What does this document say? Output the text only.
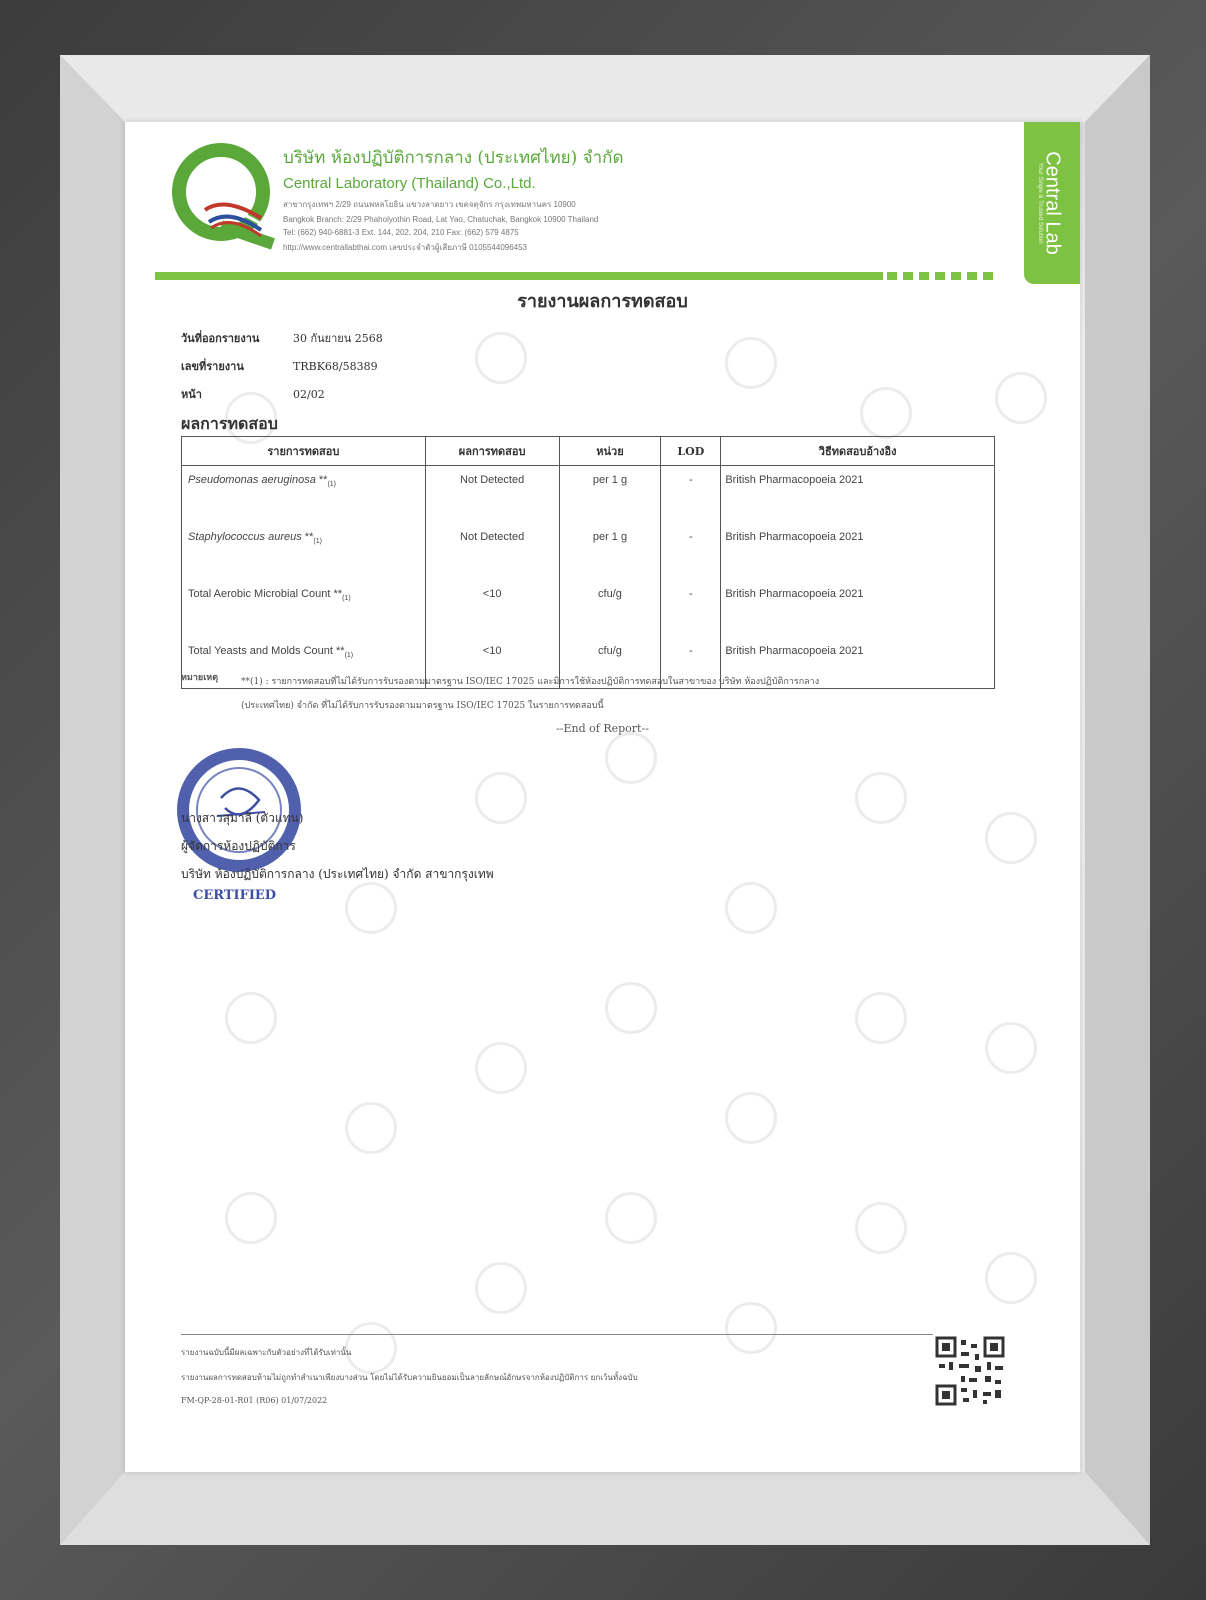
บริษัท ห้องปฏิบัติการกลาง (ประเทศไทย) จำกัด

Central Laboratory (Thailand) Co.,Ltd.

สาขากรุงเทพฯ 2/29 ถนนพหลโยธิน แขวงลาดยาว เขตจตุจักร กรุงเทพมหานคร 10900

Bangkok Branch: 2/29 Phaholyothin Road, Lat Yao, Chatuchak, Bangkok 10900 Thailand

Tel: (662) 940-6881-3 Ext. 144, 202, 204, 210 Fax: (662) 579 4875

http://www.centrallabthai.com เลขประจำตัวผู้เสียภาษี 0105544096453	Central Lab
Your Single & Trusted Solution
รายงานผลการทดสอบ
วันที่ออกรายงาน	30 กันยายน 2568
เลขที่รายงาน	TRBK68/58389
หน้า	02/02
ผลการทดสอบ
รายการทดสอบ	ผลการทดสอบ	หน่วย	LOD	วิธีทดสอบอ้างอิง
Pseudomonas aeruginosa $**_{(1)}$	Not Detected	per 1 g	-	British Pharmacopoeia 2021
Staphylococcus aureus $**_{(1)}$	Not Detected	per 1 g	-	British Pharmacopoeia 2021
Total Aerobic Microbial Count $**_{(1)}$	<10	cfu/g	-	British Pharmacopoeia 2021
Total Yeasts and Molds Count $**_{(1)}$	<10	cfu/g	-	British Pharmacopoeia 2021
หมายเหตุ	**(1) : รายการทดสอบที่ไม่ได้รับการรับรองตามมาตรฐาน ISO/IEC 17025 และมิการใช้ห้องปฏิบัติการทดสอบในสาขาของ บริษัท ห้องปฏิบัติการกลาง
(ประเทศไทย) จำกัด ที่ไม่ได้รับการรับรองตามมาตรฐาน ISO/IEC 17025 ในรายการทดสอบนี้
--End of Report--
นางสาวสุมาลี (ตัวแทน)
ผู้จัดการห้องปฏิบัติการ
บริษัท ห้องปฏิบัติการกลาง (ประเทศไทย) จำกัด สาขากรุงเทพ
CERTIFIED

รายงานฉบับนี้มีผลเฉพาะกับตัวอย่างที่ได้รับเท่านั้น

รายงานผลการทดสอบห้ามไม่ถูกทำสำเนาเพียงบางส่วน โดยไม่ได้รับความยินยอมเป็นลายลักษณ์อักษรจากห้องปฏิบัติการ ยกเว้นทั้งฉบับ

FM-QP-28-01-R01 (R06) 01/07/2022
